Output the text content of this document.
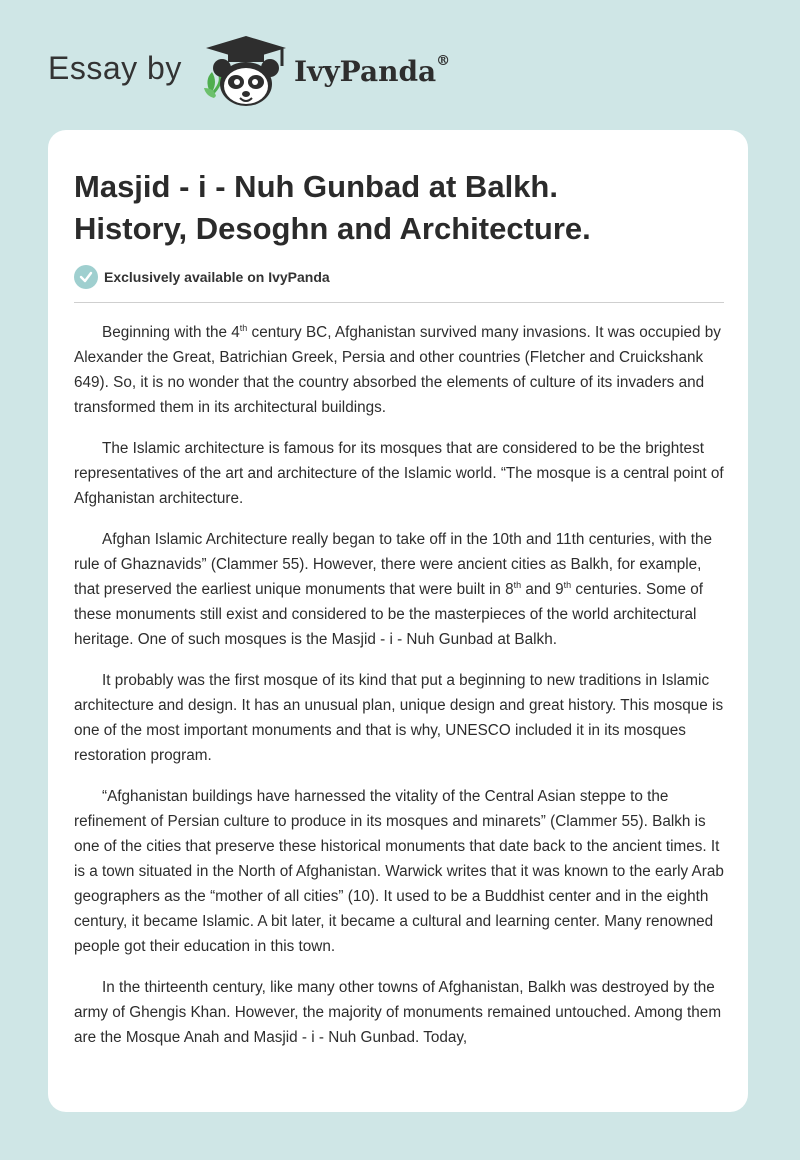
Essay by	IvyPanda®
Masjid - i - Nuh Gunbad at Balkh.
History, Desoghn and Architecture.
Exclusively available on IvyPanda

Beginning with the 4th century BC, Afghanistan survived many invasions. It was occupied by Alexander the Great, Batrichian Greek, Persia and other countries (Fletcher and Cruickshank 649). So, it is no wonder that the country absorbed the elements of culture of its invaders and transformed them in its architectural buildings.

The Islamic architecture is famous for its mosques that are considered to be the brightest representatives of the art and architecture of the Islamic world. “The mosque is a central point of Afghanistan architecture.

Afghan Islamic Architecture really began to take off in the 10th and 11th centuries, with the rule of Ghaznavids” (Clammer 55). However, there were ancient cities as Balkh, for example, that preserved the earliest unique monuments that were built in 8th and 9th centuries. Some of these monuments still exist and considered to be the masterpieces of the world architectural heritage. One of such mosques is the Masjid - i - Nuh Gunbad at Balkh.

It probably was the first mosque of its kind that put a beginning to new traditions in Islamic architecture and design. It has an unusual plan, unique design and great history. This mosque is one of the most important monuments and that is why, UNESCO included it in its mosques restoration program.

“Afghanistan buildings have harnessed the vitality of the Central Asian steppe to the refinement of Persian culture to produce in its mosques and minarets” (Clammer 55). Balkh is one of the cities that preserve these historical monuments that date back to the ancient times. It is a town situated in the North of Afghanistan. Warwick writes that it was known to the early Arab geographers as the “mother of all cities” (10). It used to be a Buddhist center and in the eighth century, it became Islamic. A bit later, it became a cultural and learning center. Many renowned people got their education in this town.

In the thirteenth century, like many other towns of Afghanistan, Balkh was destroyed by the army of Ghengis Khan. However, the majority of monuments remained untouched. Among them are the Mosque Anah and Masjid - i - Nuh Gunbad. Today,
